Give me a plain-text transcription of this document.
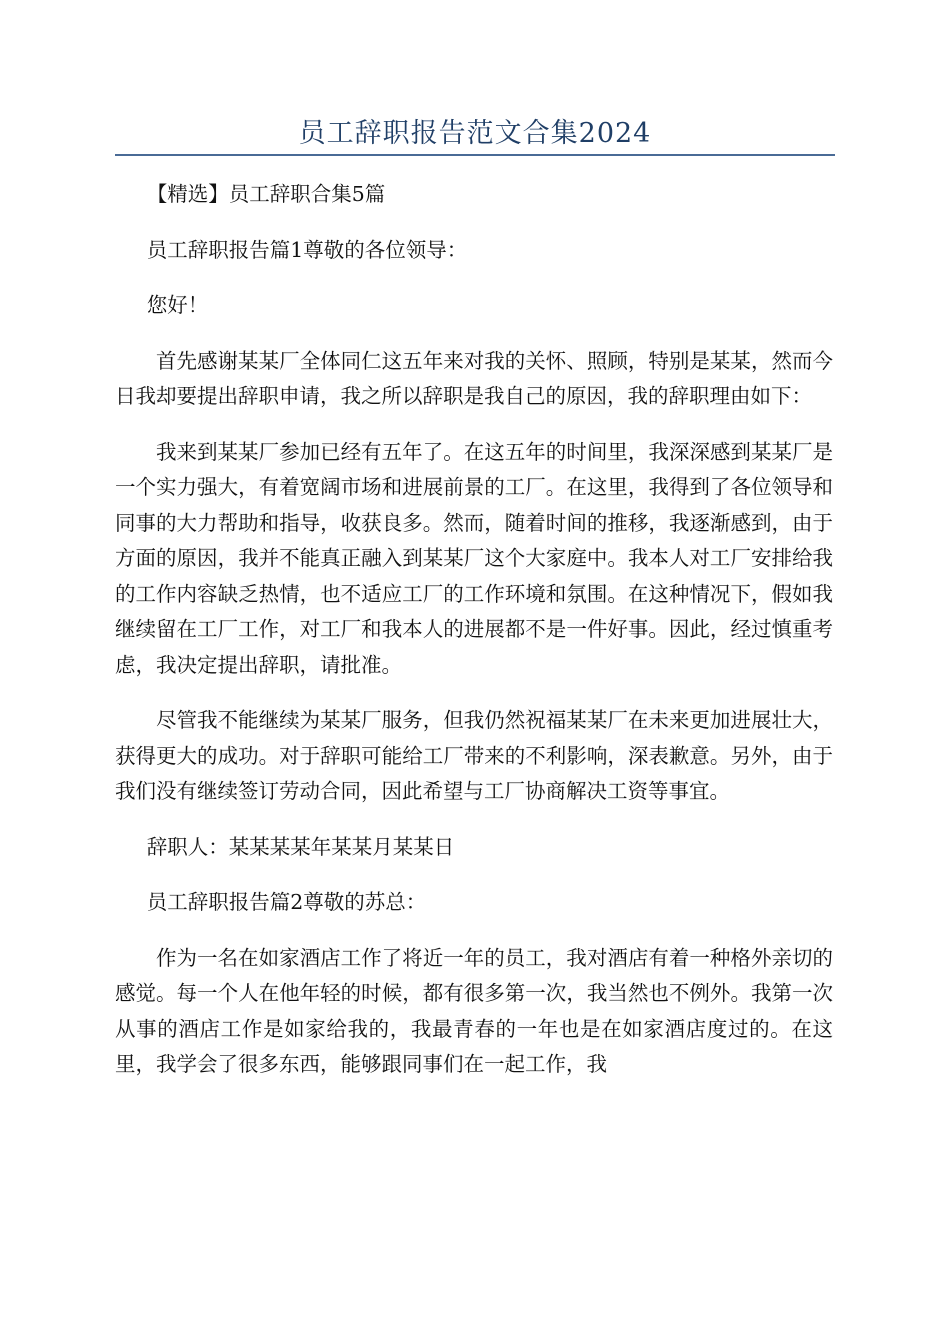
员工辞职报告范文合集2024

【精选】员工辞职合集5篇

员工辞职报告篇1尊敬的各位领导：

您好！

首先感谢某某厂全体同仁这五年来对我的关怀、照顾，特别是某某，然而今日我却要提出辞职申请，我之所以辞职是我自己的原因，我的辞职理由如下：

我来到某某厂参加已经有五年了。在这五年的时间里，我深深感到某某厂是一个实力强大，有着宽阔市场和进展前景的工厂。在这里，我得到了各位领导和同事的大力帮助和指导，收获良多。然而，随着时间的推移，我逐渐感到，由于方面的原因，我并不能真正融入到某某厂这个大家庭中。我本人对工厂安排给我的工作内容缺乏热情，也不适应工厂的工作环境和氛围。在这种情况下，假如我继续留在工厂工作，对工厂和我本人的进展都不是一件好事。因此，经过慎重考虑，我决定提出辞职，请批准。

尽管我不能继续为某某厂服务，但我仍然祝福某某厂在未来更加进展壮大，获得更大的成功。对于辞职可能给工厂带来的不利影响，深表歉意。另外，由于我们没有继续签订劳动合同，因此希望与工厂协商解决工资等事宜。

辞职人：某某某某年某某月某某日

员工辞职报告篇2尊敬的苏总：

作为一名在如家酒店工作了将近一年的员工，我对酒店有着一种格外亲切的感觉。每一个人在他年轻的时候，都有很多第一次，我当然也不例外。我第一次从事的酒店工作是如家给我的，我最青春的一年也是在如家酒店度过的。在这里，我学会了很多东西，能够跟同事们在一起工作，我
